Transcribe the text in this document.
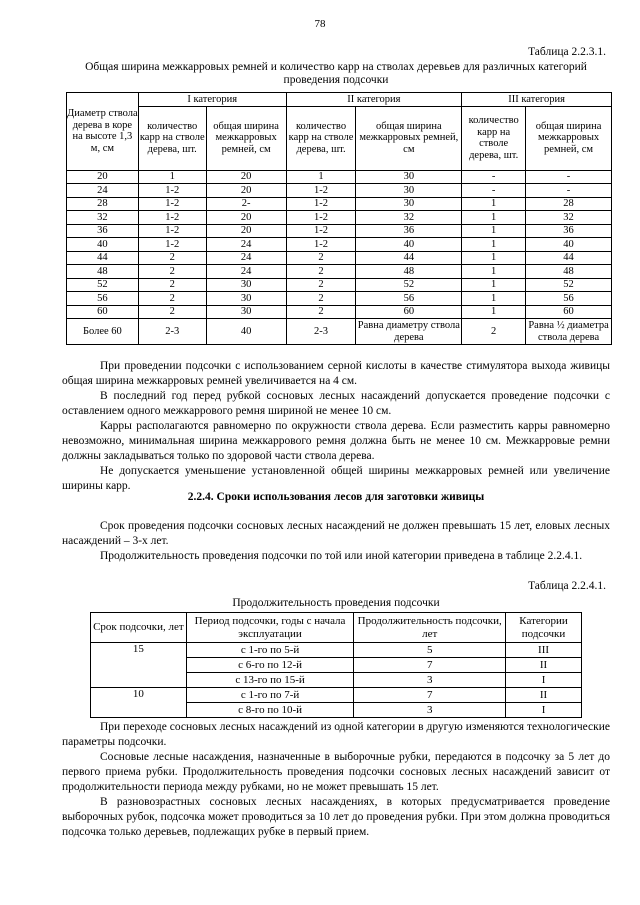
78
Таблица 2.2.3.1.
Общая ширина межкарровых ремней и количество карр на стволах деревьев для различных категорий проведения подсочки
Диаметр ствола дерева в коре на высоте 1,3 м, см	I категория		II категория		III категория	
	количество карр на стволе дерева, шт.	общая ширина межкарровых ремней, см	количество карр на стволе дерева, шт.	общая ширина межкарровых ремней, см	количество карр на стволе дерева, шт.	общая ширина межкарровых ремней, см
20	1	20	1	30	-	-
24	1-2	20	1-2	30	-	-
28	1-2	2-	1-2	30	1	28
32	1-2	20	1-2	32	1	32
36	1-2	20	1-2	36	1	36
40	1-2	24	1-2	40	1	40
44	2	24	2	44	1	44
48	2	24	2	48	1	48
52	2	30	2	52	1	52
56	2	30	2	56	1	56
60	2	30	2	60	1	60
Более 60	2-3	40	2-3	Равна диаметру ствола дерева	2	Равна ½ диаметра ствола дерева

При проведении подсочки с использованием серной кислоты в качестве стимулятора выхода живицы общая ширина межкарровых ремней увеличивается на 4 см.

В последний год перед рубкой сосновых лесных насаждений допускается проведение подсочки с оставлением одного межкаррового ремня шириной не менее 10 см.

Карры располагаются равномерно по окружности ствола дерева. Если разместить карры равномерно невозможно, минимальная ширина межкаррового ремня должна быть не менее 10 см. Межкарровые ремни должны закладываться только по здоровой части ствола дерева.

Не допускается уменьшение установленной общей ширины межкарровых ремней или увеличение ширины карр.

2.2.4. Сроки использования лесов для заготовки живицы

Срок проведения подсочки сосновых лесных насаждений не должен превышать 15 лет, еловых лесных насаждений – 3-х лет.

Продолжительность проведения подсочки по той или иной категории приведена в таблице 2.2.4.1.

Таблица 2.2.4.1.
Продолжительность проведения подсочки
Срок подсочки, лет	Период подсочки, годы с начала эксплуатации	Продолжительность подсочки, лет	Категории подсочки
15	с 1-го по 5-й	5	III
	с 6-го по 12-й	7	II
	с 13-го по 15-й	3	I
10	с 1-го по 7-й	7	II
	с 8-го по 10-й	3	I

При переходе сосновых лесных насаждений из одной категории в другую изменяются технологические параметры подсочки.

Сосновые лесные насаждения, назначенные в выборочные рубки, передаются в подсочку за 5 лет до первого приема рубки. Продолжительность проведения подсочки сосновых лесных насаждений зависит от продолжительности периода между рубками, но не может превышать 15 лет.

В разновозрастных сосновых лесных насаждениях, в которых предусматривается проведение выборочных рубок, подсочка может проводиться за 10 лет до проведения рубки. При этом должна проводиться подсочка только деревьев, подлежащих рубке в первый прием.
